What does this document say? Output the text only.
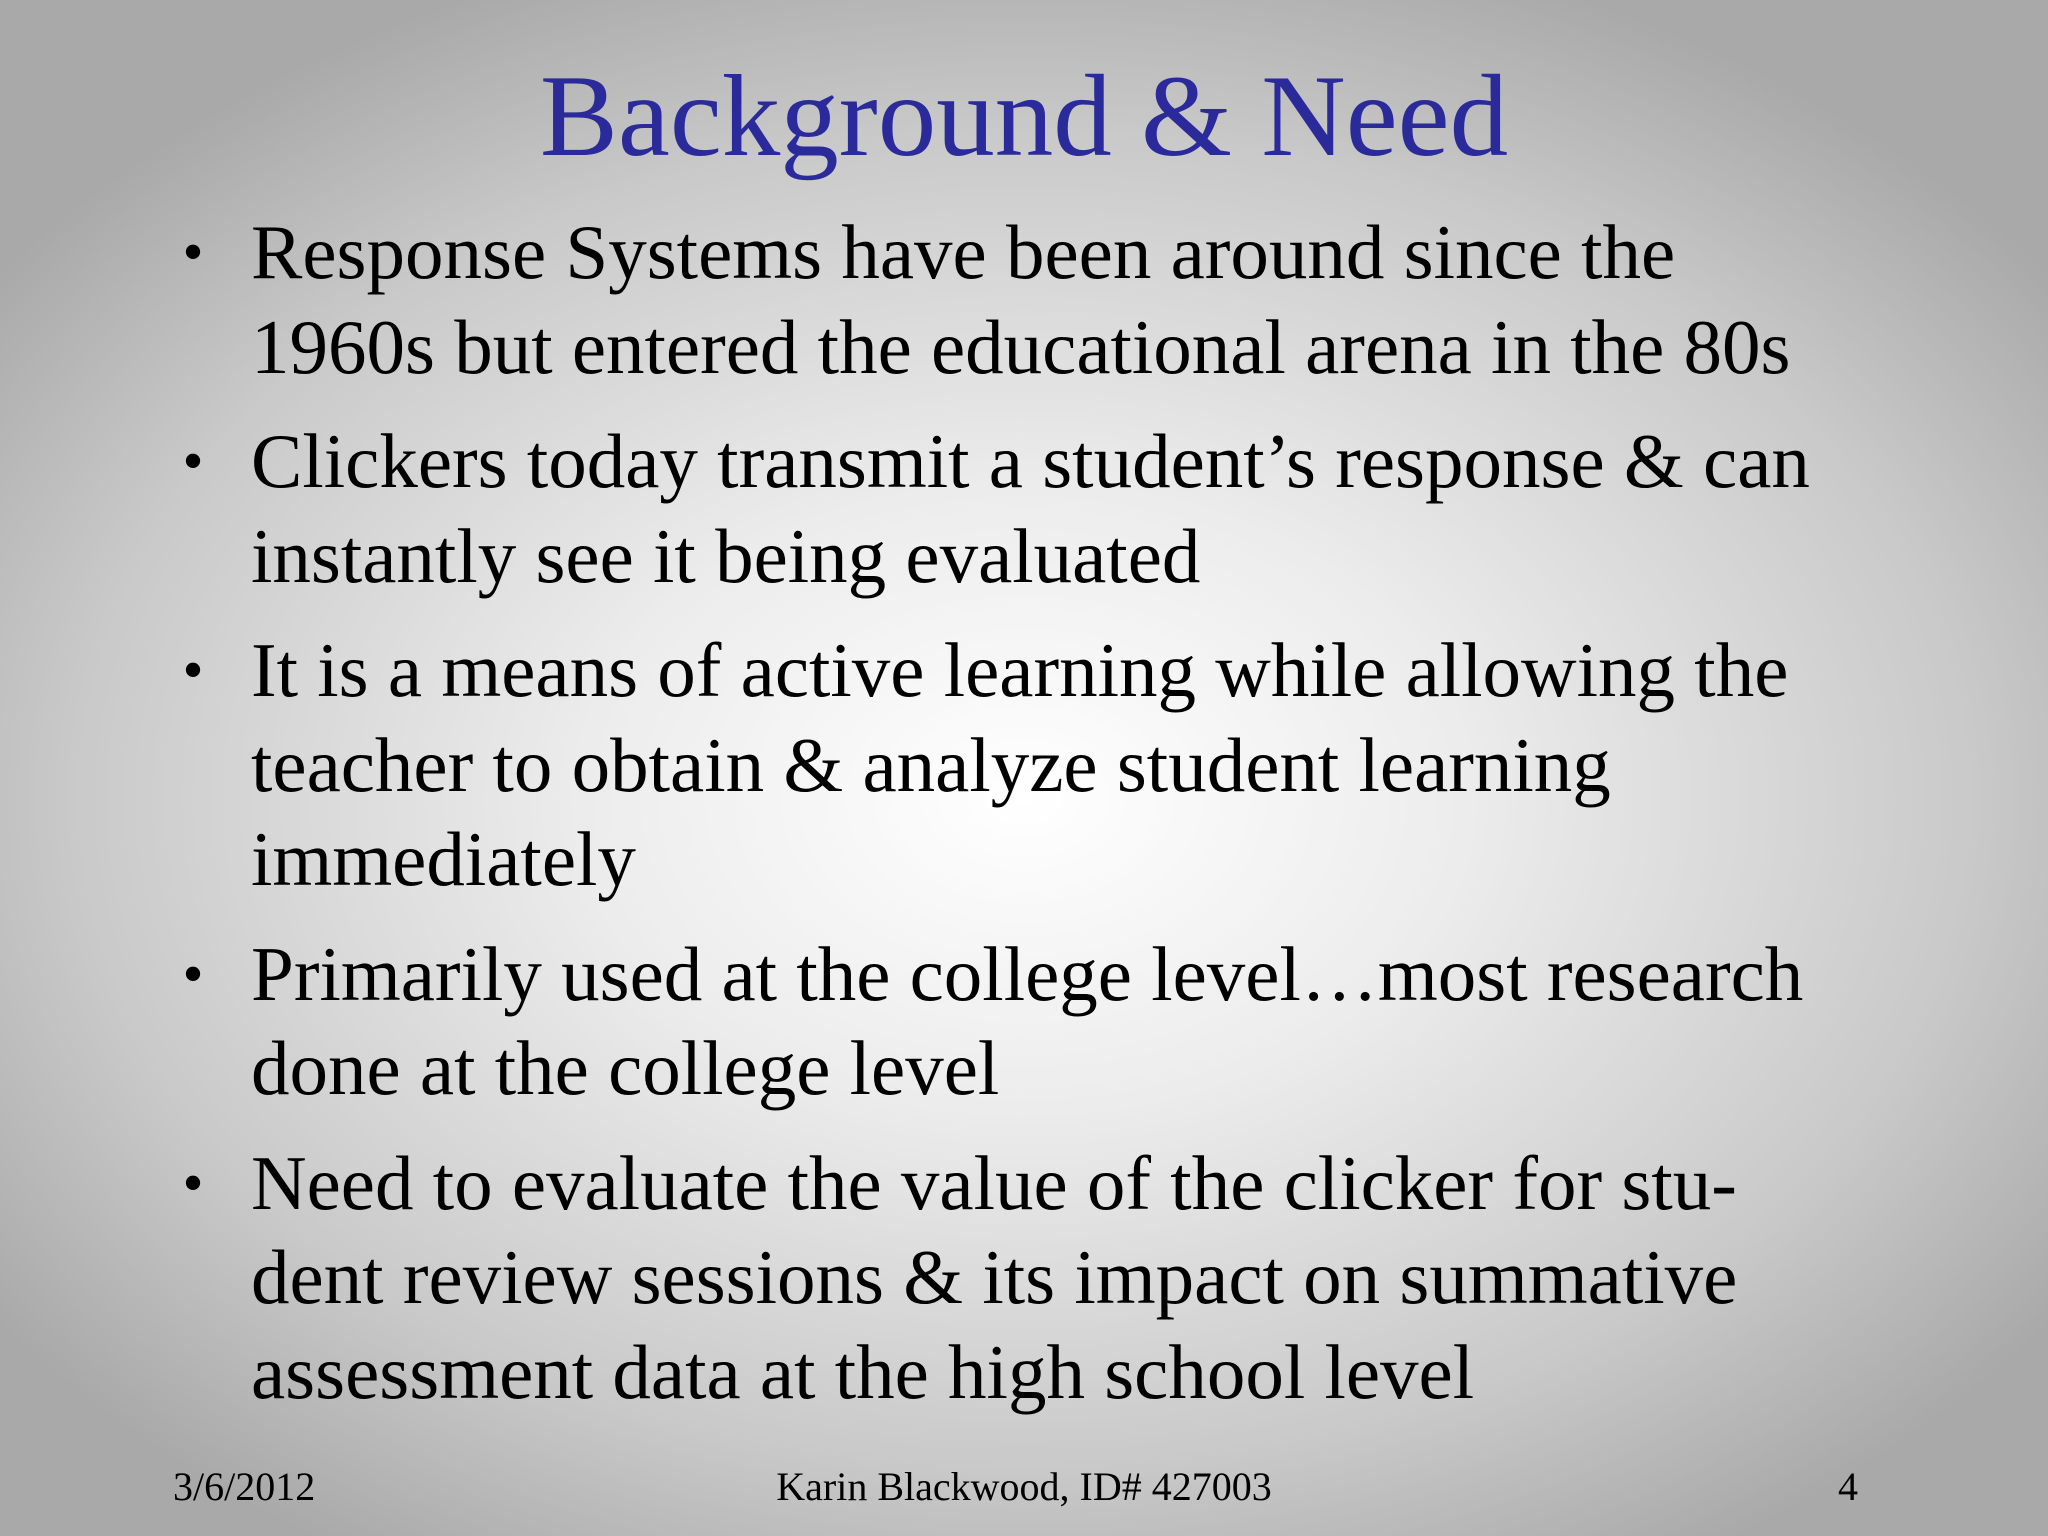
Background & Need
• Response Systems have been around since the
1960s but entered the educational arena in the 80s
• Clickers today transmit a student’s response & can
instantly see it being evaluated
• It is a means of active learning while allowing the
teacher to obtain & analyze student learning
immediately
• Primarily used at the college level…most research
done at the college level
• Need to evaluate the value of the clicker for stu-
dent review sessions & its impact on summative
assessment data at the high school level
3/6/2012	Karin Blackwood, ID# 427003	4
